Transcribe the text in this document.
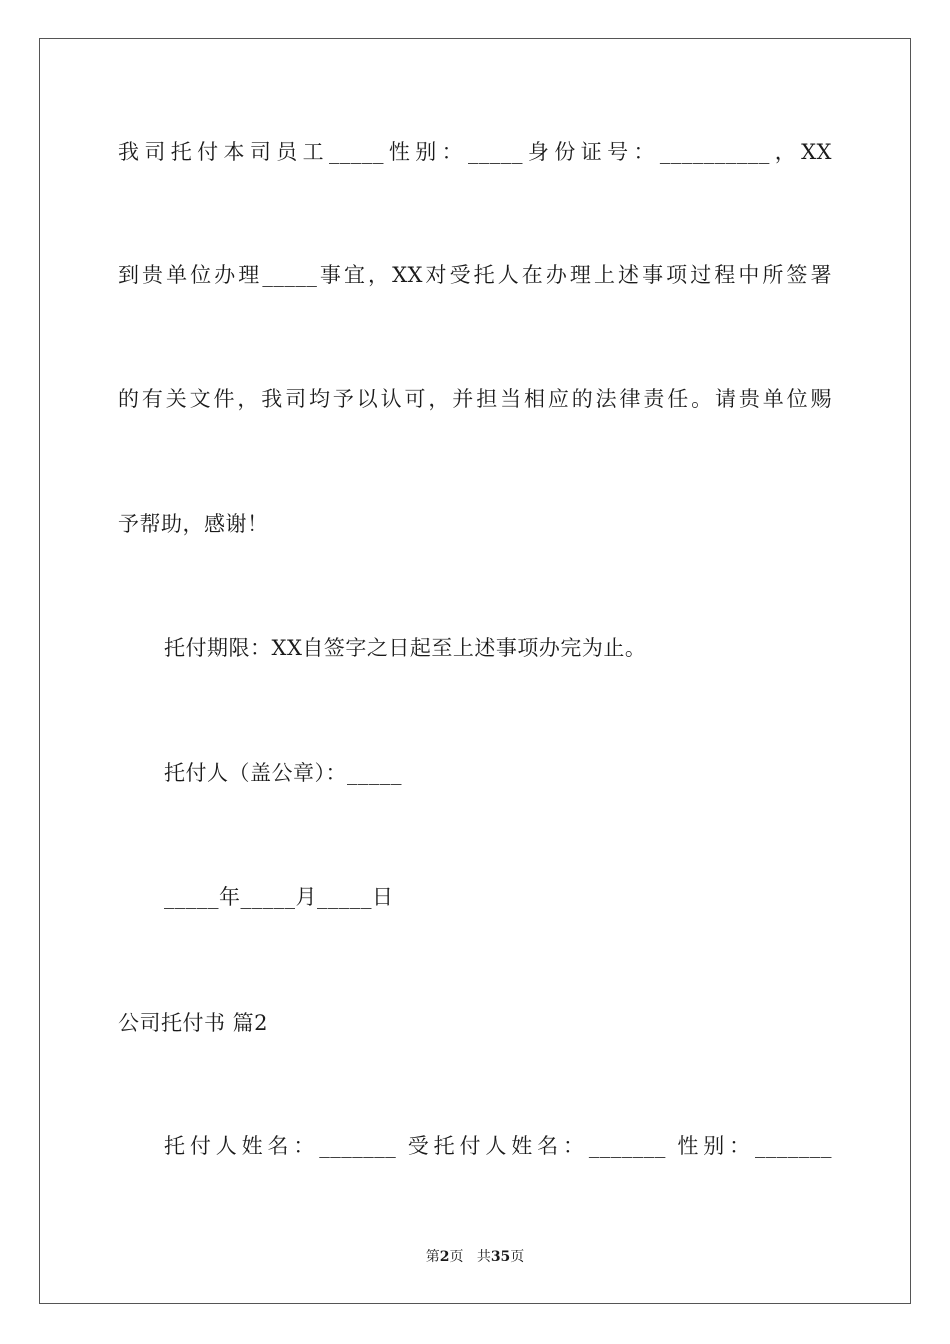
我司托付本司员工_____性别：_____身份证号：__________，XX
到贵单位办理_____事宜，XX对受托人在办理上述事项过程中所签署
的有关文件，我司均予以认可，并担当相应的法律责任。请贵单位赐
予帮助，感谢！
托付期限：XX自签字之日起至上述事项办完为止。
托付人（盖公章）：_____
_____年_____月_____日
公司托付书 篇2
托付人姓名：_______ 受托付人姓名：_______ 性别：_______
第2页 共35页
